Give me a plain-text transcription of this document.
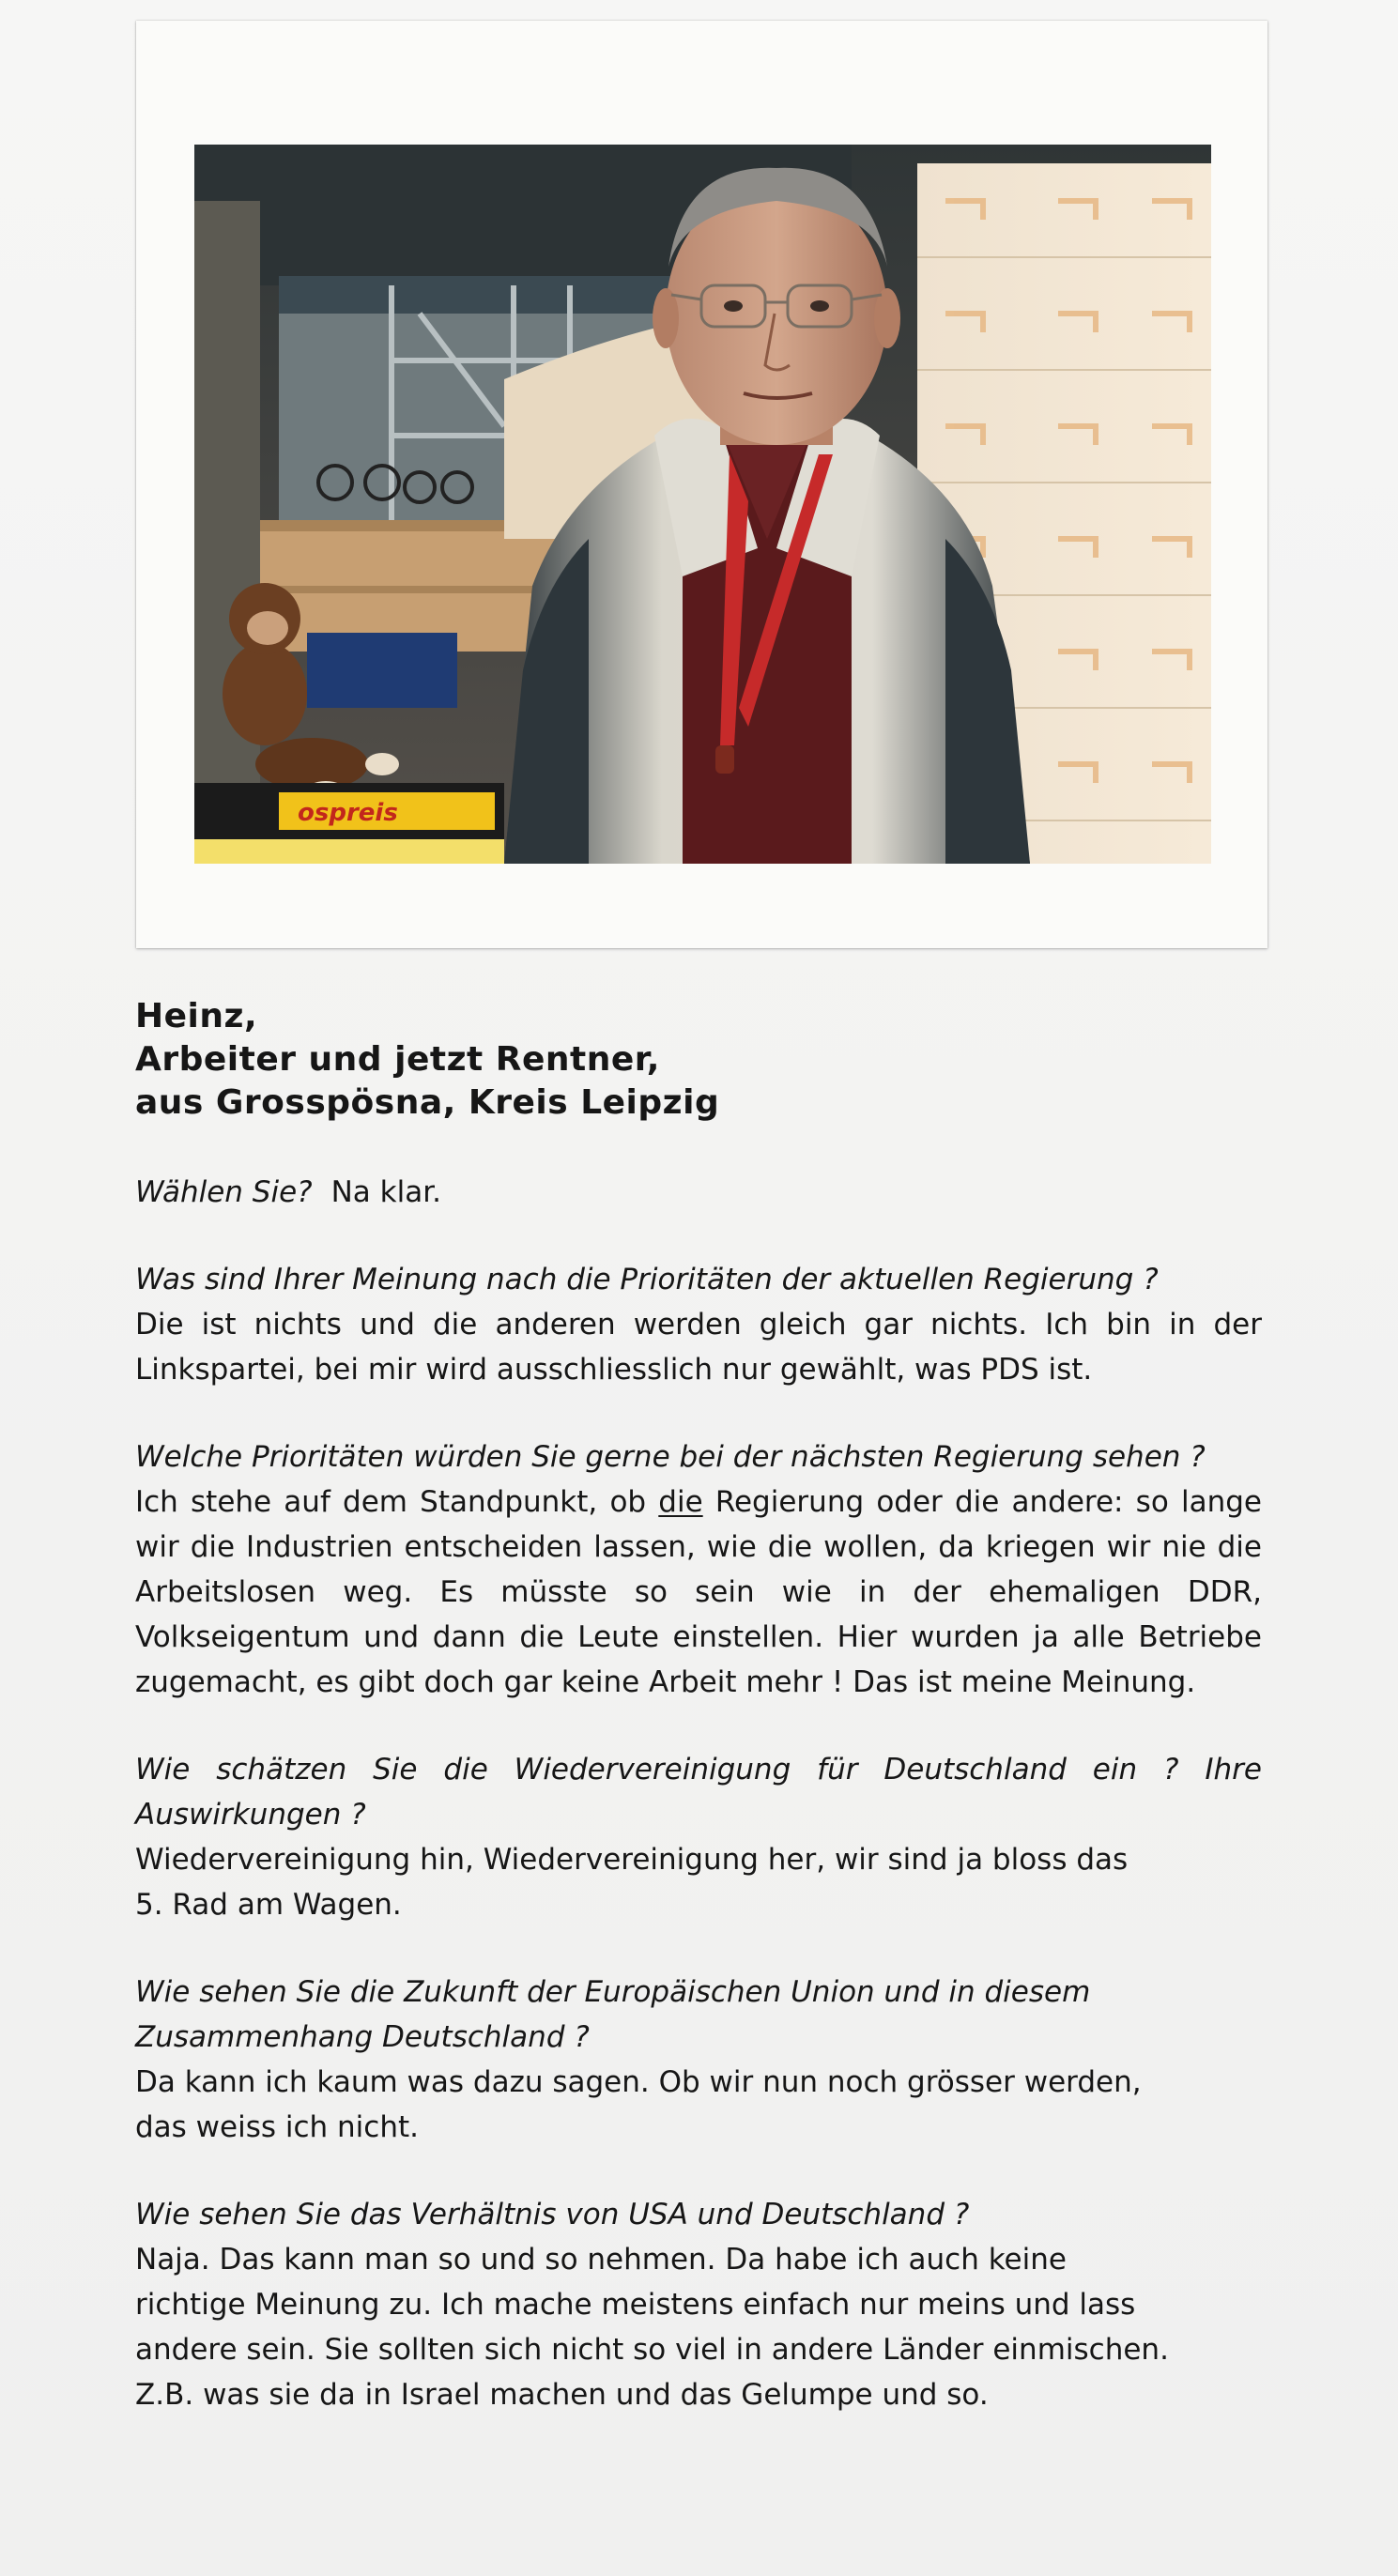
ospreis
Heinz,
Arbeiter und jetzt Rentner,
aus Grosspösna, Kreis Leipzig
Wählen Sie? Na klar.
Was sind Ihrer Meinung nach die Prioritäten der aktuellen Regierung ?
Die ist nichts und die anderen werden gleich gar nichts. Ich bin in der Linkspartei, bei mir wird ausschliesslich nur gewählt, was PDS ist.
Welche Prioritäten würden Sie gerne bei der nächsten Regierung sehen ?
Ich stehe auf dem Standpunkt, ob die Regierung oder die andere: so lange wir die Industrien entscheiden lassen, wie die wollen, da kriegen wir nie die Arbeitslosen weg. Es müsste so sein wie in der ehemaligen DDR, Volkseigentum und dann die Leute einstellen. Hier wurden ja alle Betriebe zugemacht, es gibt doch gar keine Arbeit mehr ! Das ist meine Meinung.
Wie schätzen Sie die Wiedervereinigung für Deutschland ein ? Ihre Auswirkungen ?
Wiedervereinigung hin, Wiedervereinigung her, wir sind ja bloss das
5. Rad am Wagen.
Wie sehen Sie die Zukunft der Europäischen Union und in diesem
Zusammenhang Deutschland ?
Da kann ich kaum was dazu sagen. Ob wir nun noch grösser werden,
das weiss ich nicht.
Wie sehen Sie das Verhältnis von USA und Deutschland ?
Naja. Das kann man so und so nehmen. Da habe ich auch keine
richtige Meinung zu. Ich mache meistens einfach nur meins und lass
andere sein. Sie sollten sich nicht so viel in andere Länder einmischen.
Z.B. was sie da in Israel machen und das Gelumpe und so.
